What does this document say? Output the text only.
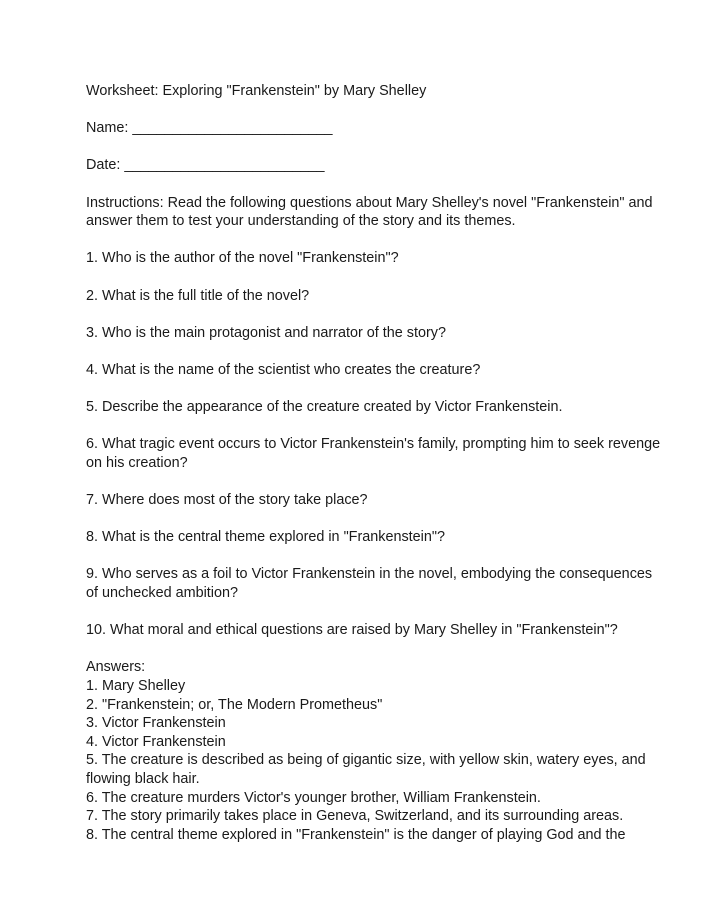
Worksheet: Exploring "Frankenstein" by Mary Shelley

Name: _________________________

Date: _________________________

Instructions: Read the following questions about Mary Shelley's novel "Frankenstein" and answer them to test your understanding of the story and its themes.

1. Who is the author of the novel "Frankenstein"?

2. What is the full title of the novel?

3. Who is the main protagonist and narrator of the story?

4. What is the name of the scientist who creates the creature?

5. Describe the appearance of the creature created by Victor Frankenstein.

6. What tragic event occurs to Victor Frankenstein's family, prompting him to seek revenge on his creation?

7. Where does most of the story take place?

8. What is the central theme explored in "Frankenstein"?

9. Who serves as a foil to Victor Frankenstein in the novel, embodying the consequences of unchecked ambition?

10. What moral and ethical questions are raised by Mary Shelley in "Frankenstein"?

Answers:

1. Mary Shelley

2. "Frankenstein; or, The Modern Prometheus"

3. Victor Frankenstein

4. Victor Frankenstein

5. The creature is described as being of gigantic size, with yellow skin, watery eyes, and flowing black hair.

6. The creature murders Victor's younger brother, William Frankenstein.

7. The story primarily takes place in Geneva, Switzerland, and its surrounding areas.

8. The central theme explored in "Frankenstein" is the danger of playing God and the
